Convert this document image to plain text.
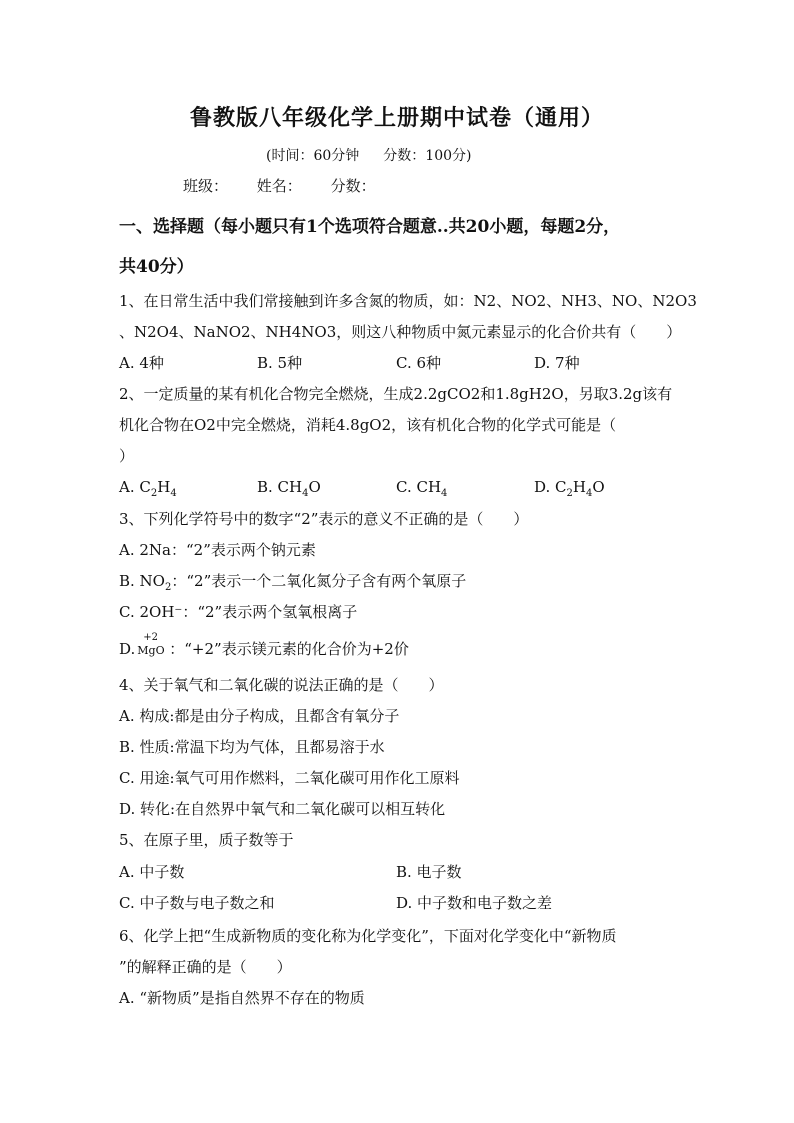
鲁教版八年级化学上册期中试卷（通用）
(时间：60分钟 分数：100分)
班级： 姓名： 分数：
一、选择题（每小题只有1个选项符合题意..共20小题，每题2分，
共40分）
1、在日常生活中我们常接触到许多含氮的物质，如：N2、NO2、NH3、NO、N2O3
、N2O4、NaNO2、NH4NO3，则这八种物质中氮元素显示的化合价共有（　　）
A. 4种	B. 5种	C. 6种	D. 7种
2、一定质量的某有机化合物完全燃烧，生成2.2gCO2和1.8gH2O，另取3.2g该有
机化合物在O2中完全燃烧，消耗4.8gO2，该有机化合物的化学式可能是（
）
A. $C_2H_4$	B. $CH_4O$	C. $CH_4$	D. $C_2H_4O$
3、下列化学符号中的数字“2”表示的意义不正确的是（　　）
A. 2Na：“2”表示两个钠元素
B. $NO_2$：“2”表示一个二氧化氮分子含有两个氧原子
C. 2OH⁻：“2”表示两个氢氧根离子
D.
+2
MgO ：“+2”表示镁元素的化合价为+2价
4、关于氧气和二氧化碳的说法正确的是（　　）
A. 构成:都是由分子构成，且都含有氧分子
B. 性质:常温下均为气体，且都易溶于水
C. 用途:氧气可用作燃料，二氧化碳可用作化工原料
D. 转化:在自然界中氧气和二氧化碳可以相互转化
5、在原子里，质子数等于
A. 中子数	B. 电子数
C. 中子数与电子数之和	D. 中子数和电子数之差
6、化学上把“生成新物质的变化称为化学变化”，下面对化学变化中“新物质
”的解释正确的是（　　）
A. “新物质”是指自然界不存在的物质
